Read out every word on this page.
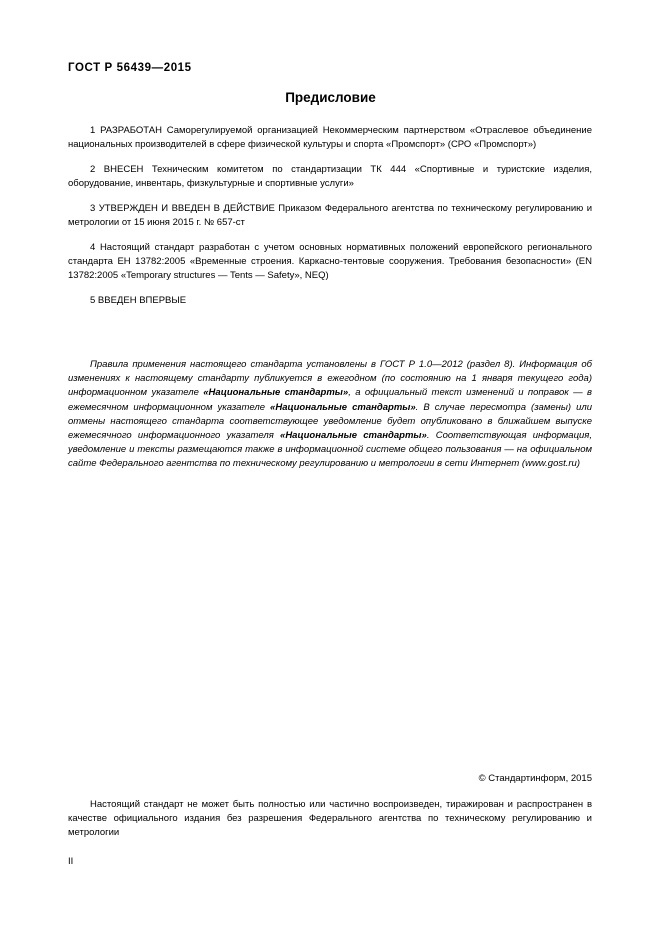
ГОСТ Р 56439—2015
Предисловие
1 РАЗРАБОТАН Саморегулируемой организацией Некоммерческим партнерством «Отраслевое объединение национальных производителей в сфере физической культуры и спорта «Промспорт» (СРО «Промспорт»)
2 ВНЕСЕН Техническим комитетом по стандартизации ТК 444 «Спортивные и туристские изделия, оборудование, инвентарь, физкультурные и спортивные услуги»
3 УТВЕРЖДЕН И ВВЕДЕН В ДЕЙСТВИЕ Приказом Федерального агентства по техническому регулированию и метрологии от 15 июня 2015 г. № 657-ст
4 Настоящий стандарт разработан с учетом основных нормативных положений европейского регионального стандарта EH 13782:2005 «Временные строения. Каркасно-тентовые сооружения. Требования безопасности» (EN 13782:2005 «Temporary structures — Tents — Safety», NEQ)
5 ВВЕДЕН ВПЕРВЫЕ
Правила применения настоящего стандарта установлены в ГОСТ Р 1.0—2012 (раздел 8). Информация об изменениях к настоящему стандарту публикуется в ежегодном (по состоянию на 1 января текущего года) информационном указателе «Национальные стандарты», а официальный текст изменений и поправок — в ежемесячном информационном указателе «Национальные стандарты». В случае пересмотра (замены) или отмены настоящего стандарта соответствующее уведомление будет опубликовано в ближайшем выпуске ежемесячного информационного указателя «Национальные стандарты». Соответствующая информация, уведомление и тексты размещаются также в информационной системе общего пользования — на официальном сайте Федерального агентства по техническому регулированию и метрологии в сети Интернет (www.gost.ru)
© Стандартинформ, 2015
Настоящий стандарт не может быть полностью или частично воспроизведен, тиражирован и распространен в качестве официального издания без разрешения Федерального агентства по техническому регулированию и метрологии
II
